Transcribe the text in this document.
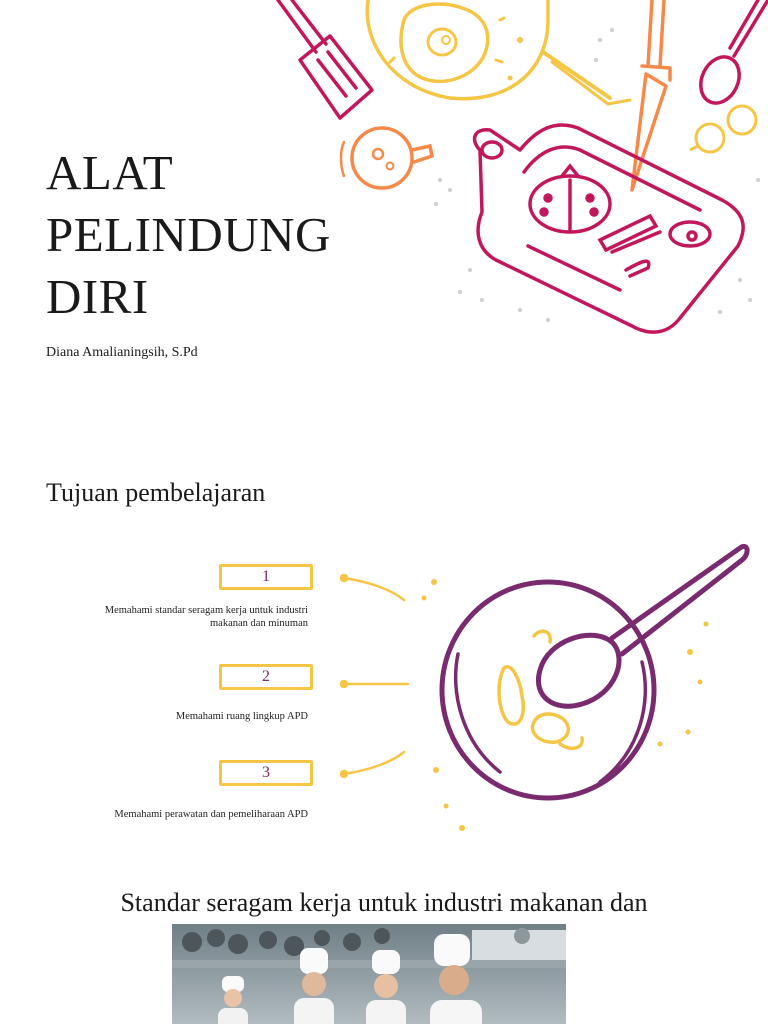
ALAT
PELINDUNG
DIRI
Diana Amalianingsih, S.Pd
Tujuan pembelajaran
1
Memahami standar seragam kerja untuk industri
makanan dan minuman
2
Memahami ruang lingkup APD
3
Memahami perawatan dan pemeliharaan APD
Standar seragam kerja untuk industri makanan dan
